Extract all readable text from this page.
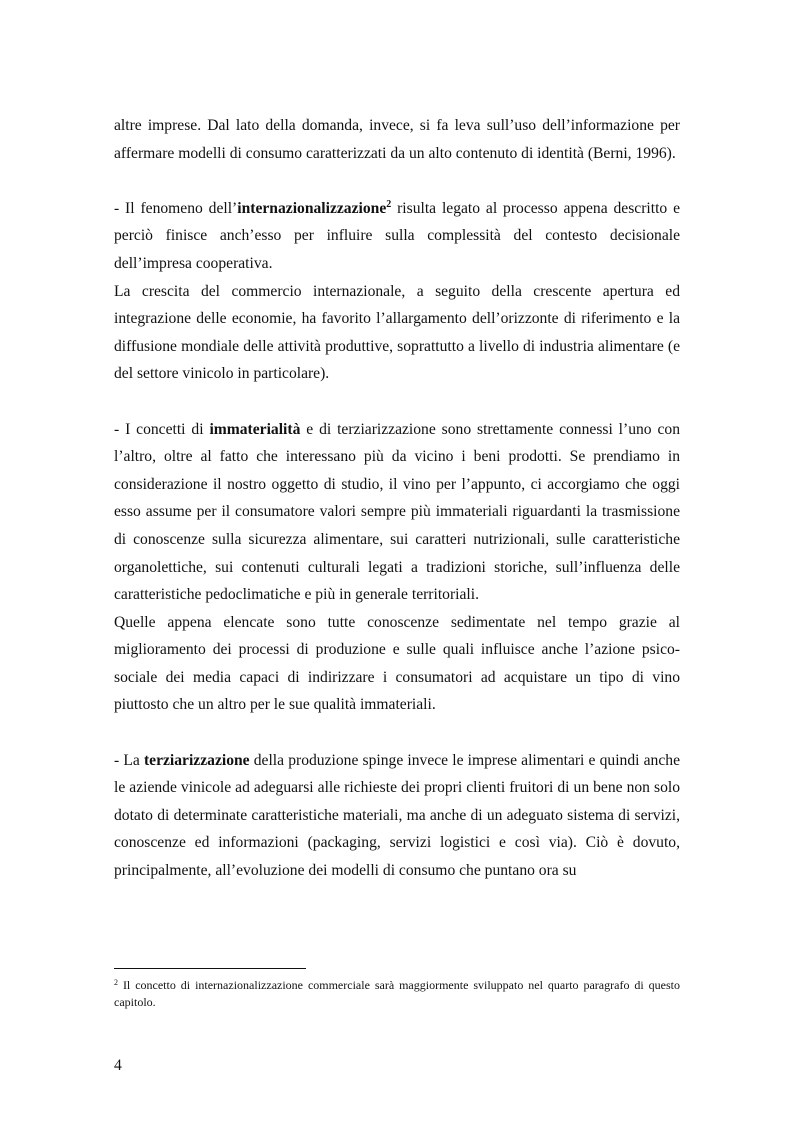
altre imprese. Dal lato della domanda, invece, si fa leva sull’uso dell’informazione per affermare modelli di consumo caratterizzati da un alto contenuto di identità (Berni, 1996).

- Il fenomeno dell’internazionalizzazione$^2$ risulta legato al processo appena descritto e perciò finisce anch’esso per influire sulla complessità del contesto decisionale dell’impresa cooperativa.

La crescita del commercio internazionale, a seguito della crescente apertura ed integrazione delle economie, ha favorito l’allargamento dell’orizzonte di riferimento e la diffusione mondiale delle attività produttive, soprattutto a livello di industria alimentare (e del settore vinicolo in particolare).

- I concetti di immaterialità e di terziarizzazione sono strettamente connessi l’uno con l’altro, oltre al fatto che interessano più da vicino i beni prodotti. Se prendiamo in considerazione il nostro oggetto di studio, il vino per l’appunto, ci accorgiamo che oggi esso assume per il consumatore valori sempre più immateriali riguardanti la trasmissione di conoscenze sulla sicurezza alimentare, sui caratteri nutrizionali, sulle caratteristiche organolettiche, sui contenuti culturali legati a tradizioni storiche, sull’influenza delle caratteristiche pedoclimatiche e più in generale territoriali.

Quelle appena elencate sono tutte conoscenze sedimentate nel tempo grazie al miglioramento dei processi di produzione e sulle quali influisce anche l’azione psico-sociale dei media capaci di indirizzare i consumatori ad acquistare un tipo di vino piuttosto che un altro per le sue qualità immateriali.

- La terziarizzazione della produzione spinge invece le imprese alimentari e quindi anche le aziende vinicole ad adeguarsi alle richieste dei propri clienti fruitori di un bene non solo dotato di determinate caratteristiche materiali, ma anche di un adeguato sistema di servizi, conoscenze ed informazioni (packaging, servizi logistici e così via). Ciò è dovuto, principalmente, all’evoluzione dei modelli di consumo che puntano ora su

$^2$ Il concetto di internazionalizzazione commerciale sarà maggiormente sviluppato nel quarto paragrafo di questo capitolo.
4
